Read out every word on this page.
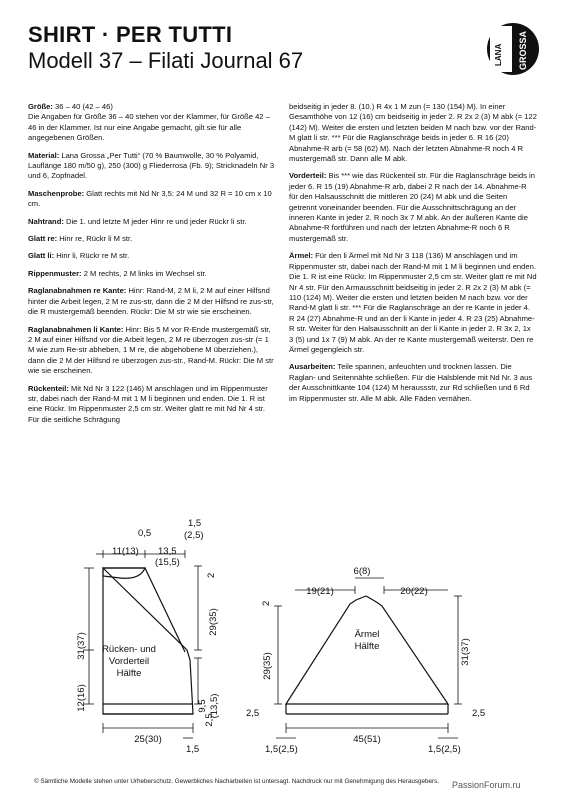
SHIRT · PER TUTTI
Modell 37 – Filati Journal 67	LANA GROSSA

Größe: 36 – 40 (42 – 46)
Die Angaben für Größe 36 – 40 stehen vor der Klammer, für Größe 42 – 46 in der Klammer. Ist nur eine Angabe gemacht, gilt sie für alle angegebenen Größen.

Material: Lana Grossa „Per Tutti“ (70 % Baumwolle, 30 % Polyamid, Lauflänge 180 m/50 g), 250 (300) g Fliederrosa (Fb. 9); Stricknadeln Nr 3 und 6, Zopfnadel.

Maschenprobe: Glatt rechts mit Nd Nr 3,5: 24 M und 32 R = 10 cm x 10 cm.

Nahtrand: Die 1. und letzte M jeder Hinr re und jeder Rückr li str.

Glatt re: Hinr re, Rückr li M str.

Glatt li: Hinr li, Rückr re M str.

Rippenmuster: 2 M rechts, 2 M links im Wechsel str.

Raglanabnahmen re Kante: Hinr: Rand-M, 2 M li, 2 M auf einer Hilfsnd hinter die Arbeit legen, 2 M re zus-str, dann die 2 M der Hilfsnd re zus-str, die R mustergemäß beenden. Rückr: Die M str wie sie erscheinen.

Raglanabnahmen li Kante: Hinr: Bis 5 M vor R-Ende mustergemäß str, 2 M auf einer Hilfsnd vor die Arbeit legen, 2 M re überzogen zus-str (= 1 M wie zum Re-str abheben, 1 M re, die abgehobene M überziehen.), dann die 2 M der Hilfsnd re überzogen zus-str., Rand-M. Rückr: Die M str wie sie erscheinen.

Rückenteil: Mit Nd Nr 3 122 (146) M anschlagen und im Rippenmuster str, dabei nach der Rand-M mit 1 M li beginnen und enden. Die 1. R ist eine Rückr. Im Rippenmuster 2,5 cm str. Weiter glatt re mit Nd Nr 4 str. Für die seitliche Schrägung

beidseitig in jeder 8. (10.) R 4x 1 M zun (= 130 (154) M). In einer Gesamthöhe von 12 (16) cm beidseitig in jeder 2. R 2x 2 (3) M abk (= 122 (142) M). Weiter die ersten und letzten beiden M nach bzw. vor der Rand-M glatt li str. *** Für die Raglanschräge beids in jeder 6. R 16 (20) Abnahme-R arb (= 58 (62) M). Nach der letzten Abnahme-R noch 4 R mustergemäß str. Dann alle M abk.

Vorderteil: Bis *** wie das Rückenteil str. Für die Raglanschräge beids in jeder 6. R 15 (19) Abnahme-R arb, dabei 2 R nach der 14. Abnahme-R für den Halsausschnitt die mittleren 20 (24) M abk und die Seiten getrennt voneinander beenden. Für die Ausschnittschrägung an der inneren Kante in jeder 2. R noch 3x 7 M abk. An der äußeren Kante die Abnahme-R fortführen und nach der letzten Abnahme-R noch 6 R mustergemäß str.

Ärmel: Für den li Ärmel mit Nd Nr 3 118 (136) M anschlagen und im Rippenmuster str, dabei nach der Rand-M mit 1 M li beginnen und enden. Die 1. R ist eine Rückr. Im Rippenmuster 2,5 cm str. Weiter glatt re mit Nd Nr 4 str. Für den Armausschnitt beidseitig in jeder 2. R 2x 2 (3) M abk (= 110 (124) M). Weiter die ersten und letzten beiden M nach bzw. vor der Rand-M glatt li str. *** Für die Raglanschräge an der re Kante in jeder 4. R 24 (27) Abnahme-R und an der li Kante in jeder 4. R 23 (25) Abnahme-R str. Weiter für den Halsausschnitt an der li Kante in jeder 2. R 3x 2, 1x 3 (5) und 1x 7 (9) M abk. An der re Kante mustergemäß weiterstr. Den re Ärmel gegengleich str.

Ausarbeiten: Teile spannen, anfeuchten und trocknen lassen. Die Raglan- und Seitennähte schließen. Für die Halsblende mit Nd Nr. 3 aus der Ausschnittkante 104 (124) M heraussstr, zur Rd schließen und 6 Rd im Rippenmuster str. Alle M abk. Alle Fäden vernähen.

Rücken- und
Vorderteil
Hälfte
1,5
(2,5)
0,5
11(13) 13,5
(15,5)
2
31(37)
29(35)
12(16)	9,5 (13,5)
2,5
25(30)
1,5
Ärmel
Hälfte
6(8)
19(21)	20(22)
2
29(35)
31(37)
2,5	2,5
45(51)
1,5(2,5)	1,5(2,5)
© Sämtliche Modelle stehen unter Urheberschutz. Gewerbliches Nacharbeiten ist untersagt. Nachdruck nur mit Genehmigung des Herausgebers. PassionForum.ru
